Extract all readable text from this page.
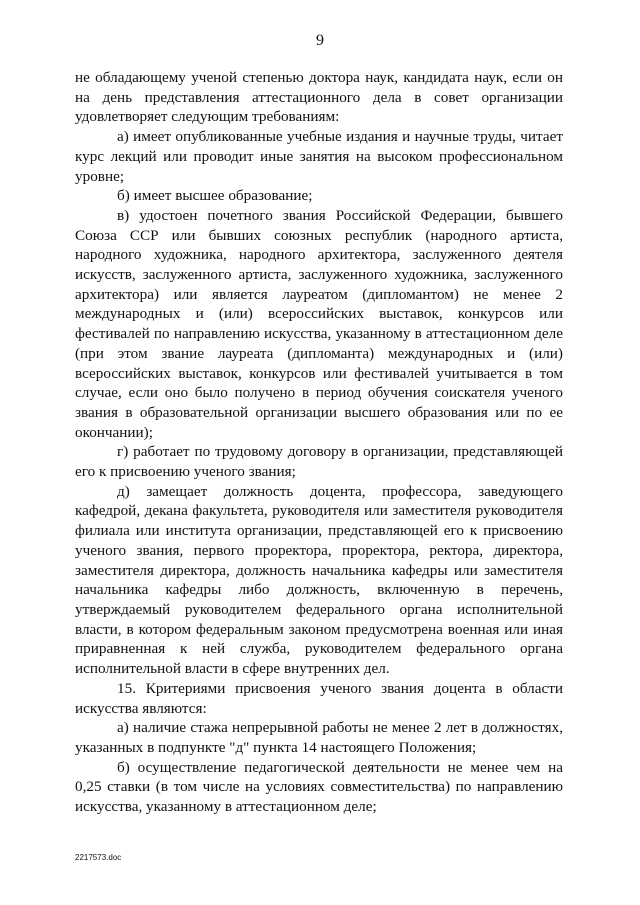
9

не обладающему ученой степенью доктора наук, кандидата наук, если он на день представления аттестационного дела в совет организации удовлетворяет следующим требованиям:

а) имеет опубликованные учебные издания и научные труды, читает курс лекций или проводит иные занятия на высоком профессиональном уровне;

б) имеет высшее образование;

в) удостоен почетного звания Российской Федерации, бывшего Союза ССР или бывших союзных республик (народного артиста, народного художника, народного архитектора, заслуженного деятеля искусств, заслуженного артиста, заслуженного художника, заслуженного архитектора) или является лауреатом (дипломантом) не менее 2 международных и (или) всероссийских выставок, конкурсов или фестивалей по направлению искусства, указанному в аттестационном деле (при этом звание лауреата (дипломанта) международных и (или) всероссийских выставок, конкурсов или фестивалей учитывается в том случае, если оно было получено в период обучения соискателя ученого звания в образовательной организации высшего образования или по ее окончании);

г) работает по трудовому договору в организации, представляющей его к присвоению ученого звания;

д) замещает должность доцента, профессора, заведующего кафедрой, декана факультета, руководителя или заместителя руководителя филиала или института организации, представляющей его к присвоению ученого звания, первого проректора, проректора, ректора, директора, заместителя директора, должность начальника кафедры или заместителя начальника кафедры либо должность, включенную в перечень, утверждаемый руководителем федерального органа исполнительной власти, в котором федеральным законом предусмотрена военная или иная приравненная к ней служба, руководителем федерального органа исполнительной власти в сфере внутренних дел.

15. Критериями присвоения ученого звания доцента в области искусства являются:

а) наличие стажа непрерывной работы не менее 2 лет в должностях, указанных в подпункте "д" пункта 14 настоящего Положения;

б) осуществление педагогической деятельности не менее чем на 0,25 ставки (в том числе на условиях совместительства) по направлению искусства, указанному в аттестационном деле;

2217573.doc
